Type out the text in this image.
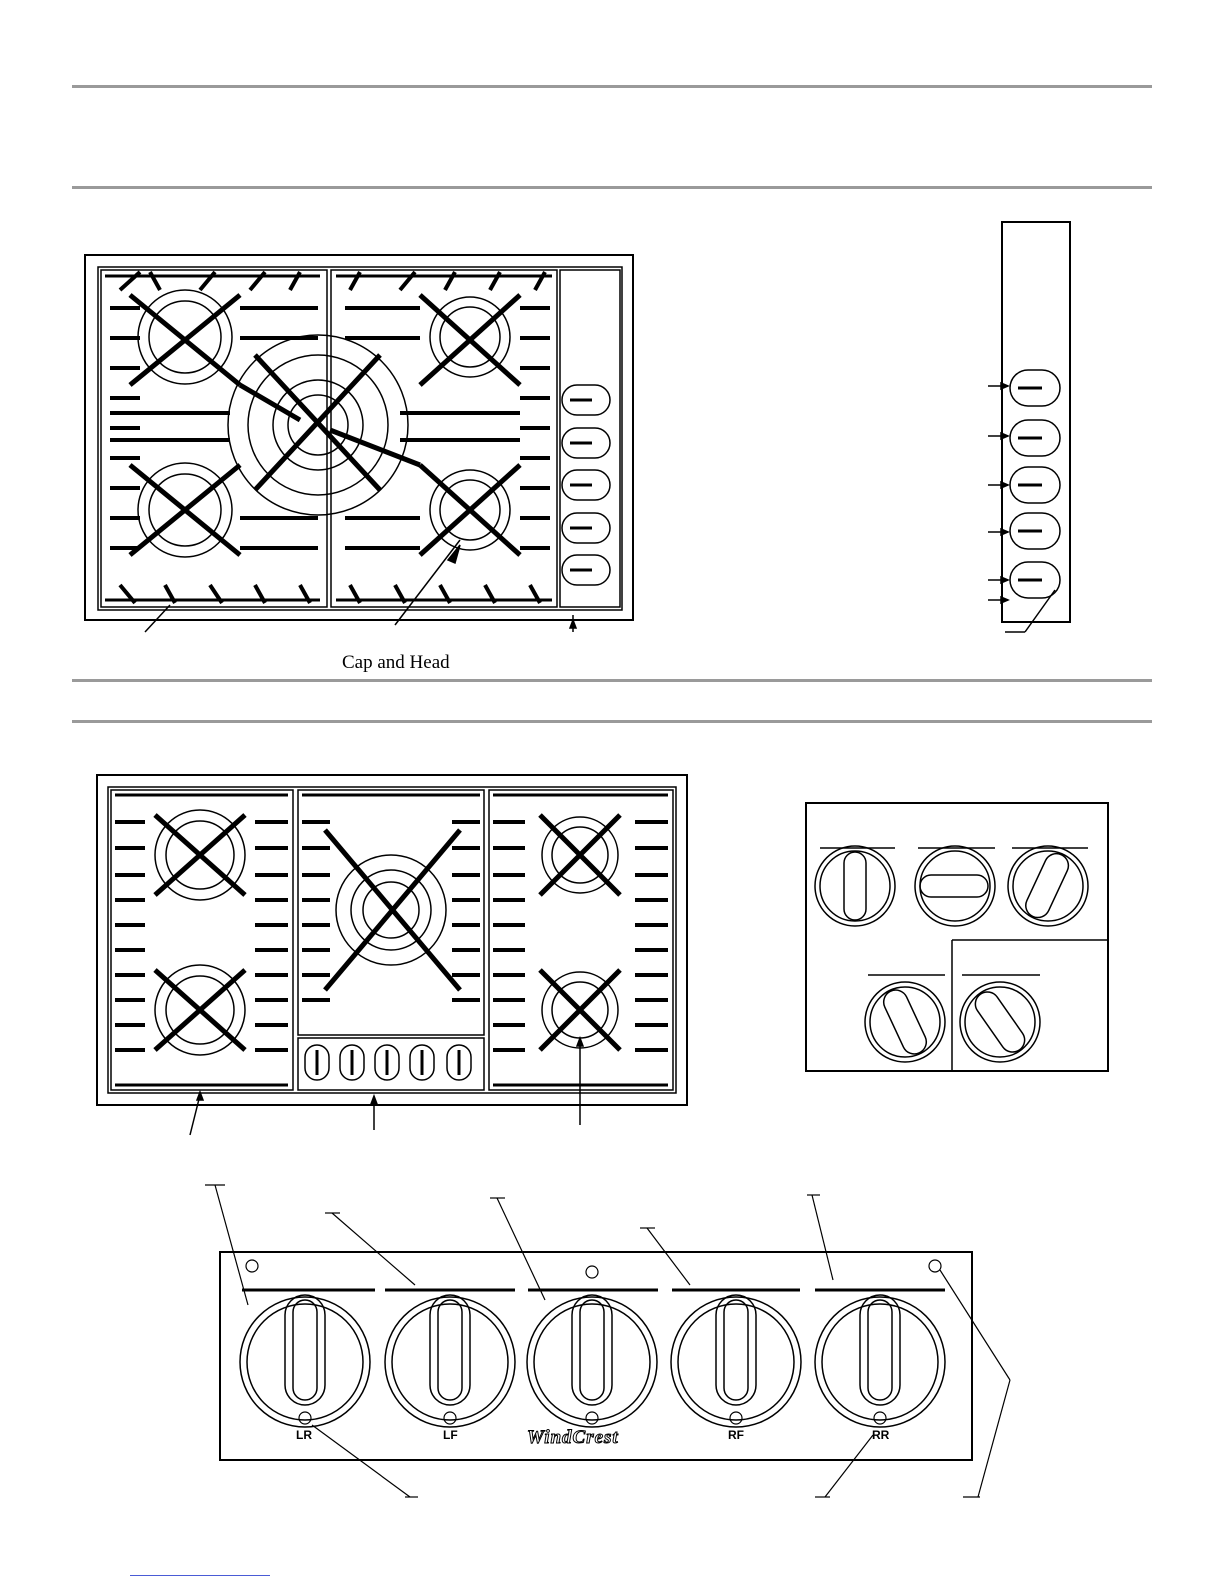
Cap and Head
WindCrest
LR	LF	RF	RR
